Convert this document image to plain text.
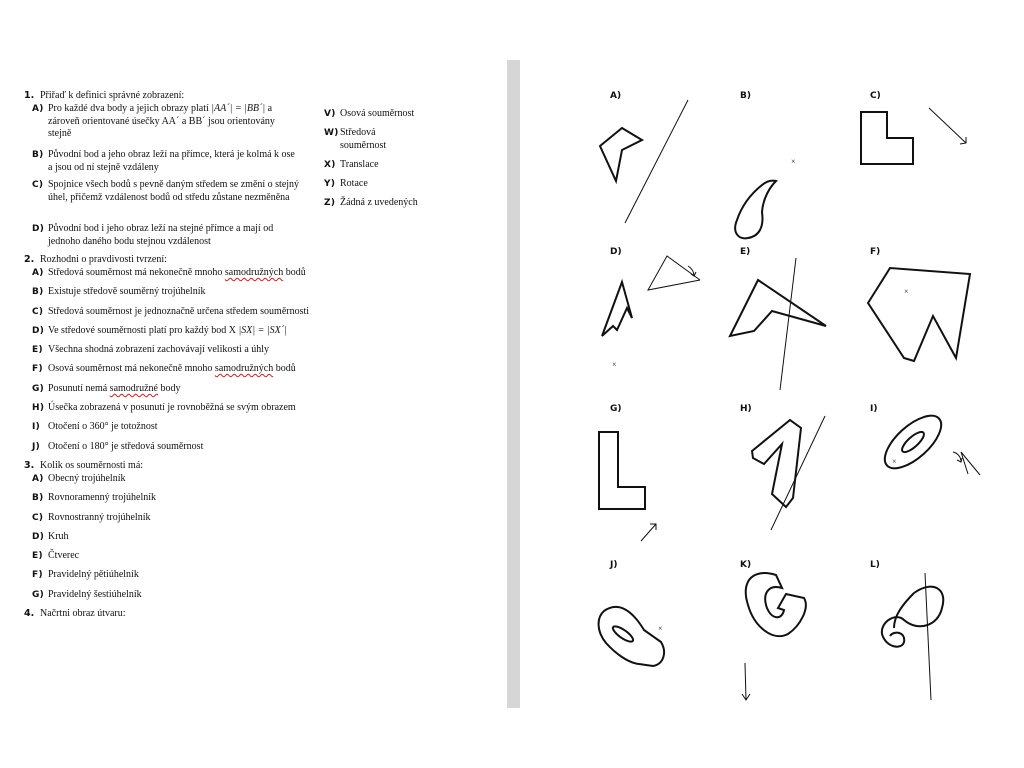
1. Přiřaď k definici správné zobrazení:
A) Pro každé dva body a jejich obrazy platí |AA´| = |BB´| a zároveň orientované úsečky AA´ a BB´ jsou orientovány stejně
B) Původní bod a jeho obraz leží na přímce, která je kolmá k ose a jsou od ní stejně vzdáleny
C) Spojnice všech bodů s pevně daným středem se změní o stejný úhel, přičemž vzdálenost bodů od středu zůstane nezměněna
D) Původní bod i jeho obraz leží na stejné přímce a mají od jednoho daného bodu stejnou vzdálenost
V) Osová souměrnost
W) Středová souměrnost
X) Translace
Y) Rotace
Z) Žádná z uvedených
2. Rozhodni o pravdivosti tvrzení:
A) Středová souměrnost má nekonečně mnoho samodružných bodů
B) Existuje středově souměrný trojúhelník
C) Středová souměrnost je jednoznačně určena středem souměrnosti
D) Ve středové souměrnosti platí pro každý bod X |SX| = |SX´|
E) Všechna shodná zobrazení zachovávají velikosti a úhly
F) Osová souměrnost má nekonečně mnoho samodružných bodů
G) Posunutí nemá samodružné body
H) Úsečka zobrazená v posunutí je rovnoběžná se svým obrazem
I) Otočení o 360° je totožnost
J) Otočení o 180° je středová souměrnost
3. Kolik os souměrnosti má:
A) Obecný trojúhelník
B) Rovnoramenný trojúhelník
C) Rovnostranný trojúhelník
D) Kruh
E) Čtverec
F) Pravidelný pětiúhelník
G) Pravidelný šestiúhelník
4. Načrtni obraz útvaru:
A)	B)	C)
D)	E)	F)
G)	H)	I)
J)	K)	L)
×
×
×
×
×
